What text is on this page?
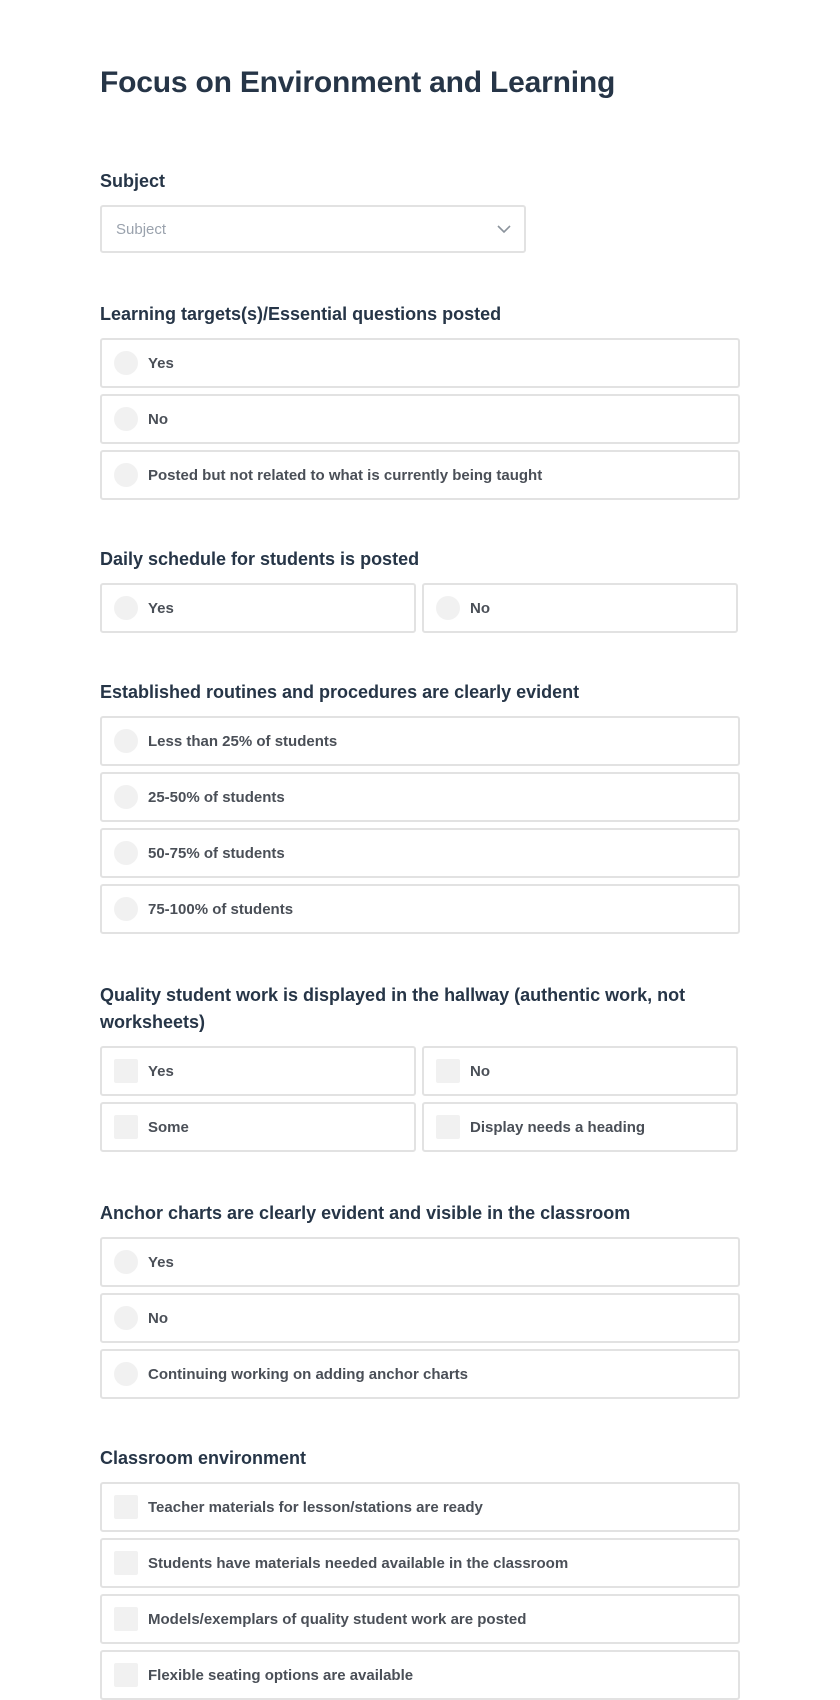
Focus on Environment and Learning
Subject
Subject
Learning targets(s)/Essential questions posted
Yes
No
Posted but not related to what is currently being taught
Daily schedule for students is posted
Yes	No
Established routines and procedures are clearly evident
Less than 25% of students
25-50% of students
50-75% of students
75-100% of students
Quality student work is displayed in the hallway (authentic work, not worksheets)
Yes	No
Some	Display needs a heading
Anchor charts are clearly evident and visible in the classroom
Yes
No
Continuing working on adding anchor charts
Classroom environment
Teacher materials for lesson/stations are ready
Students have materials needed available in the classroom
Models/exemplars of quality student work are posted
Flexible seating options are available
